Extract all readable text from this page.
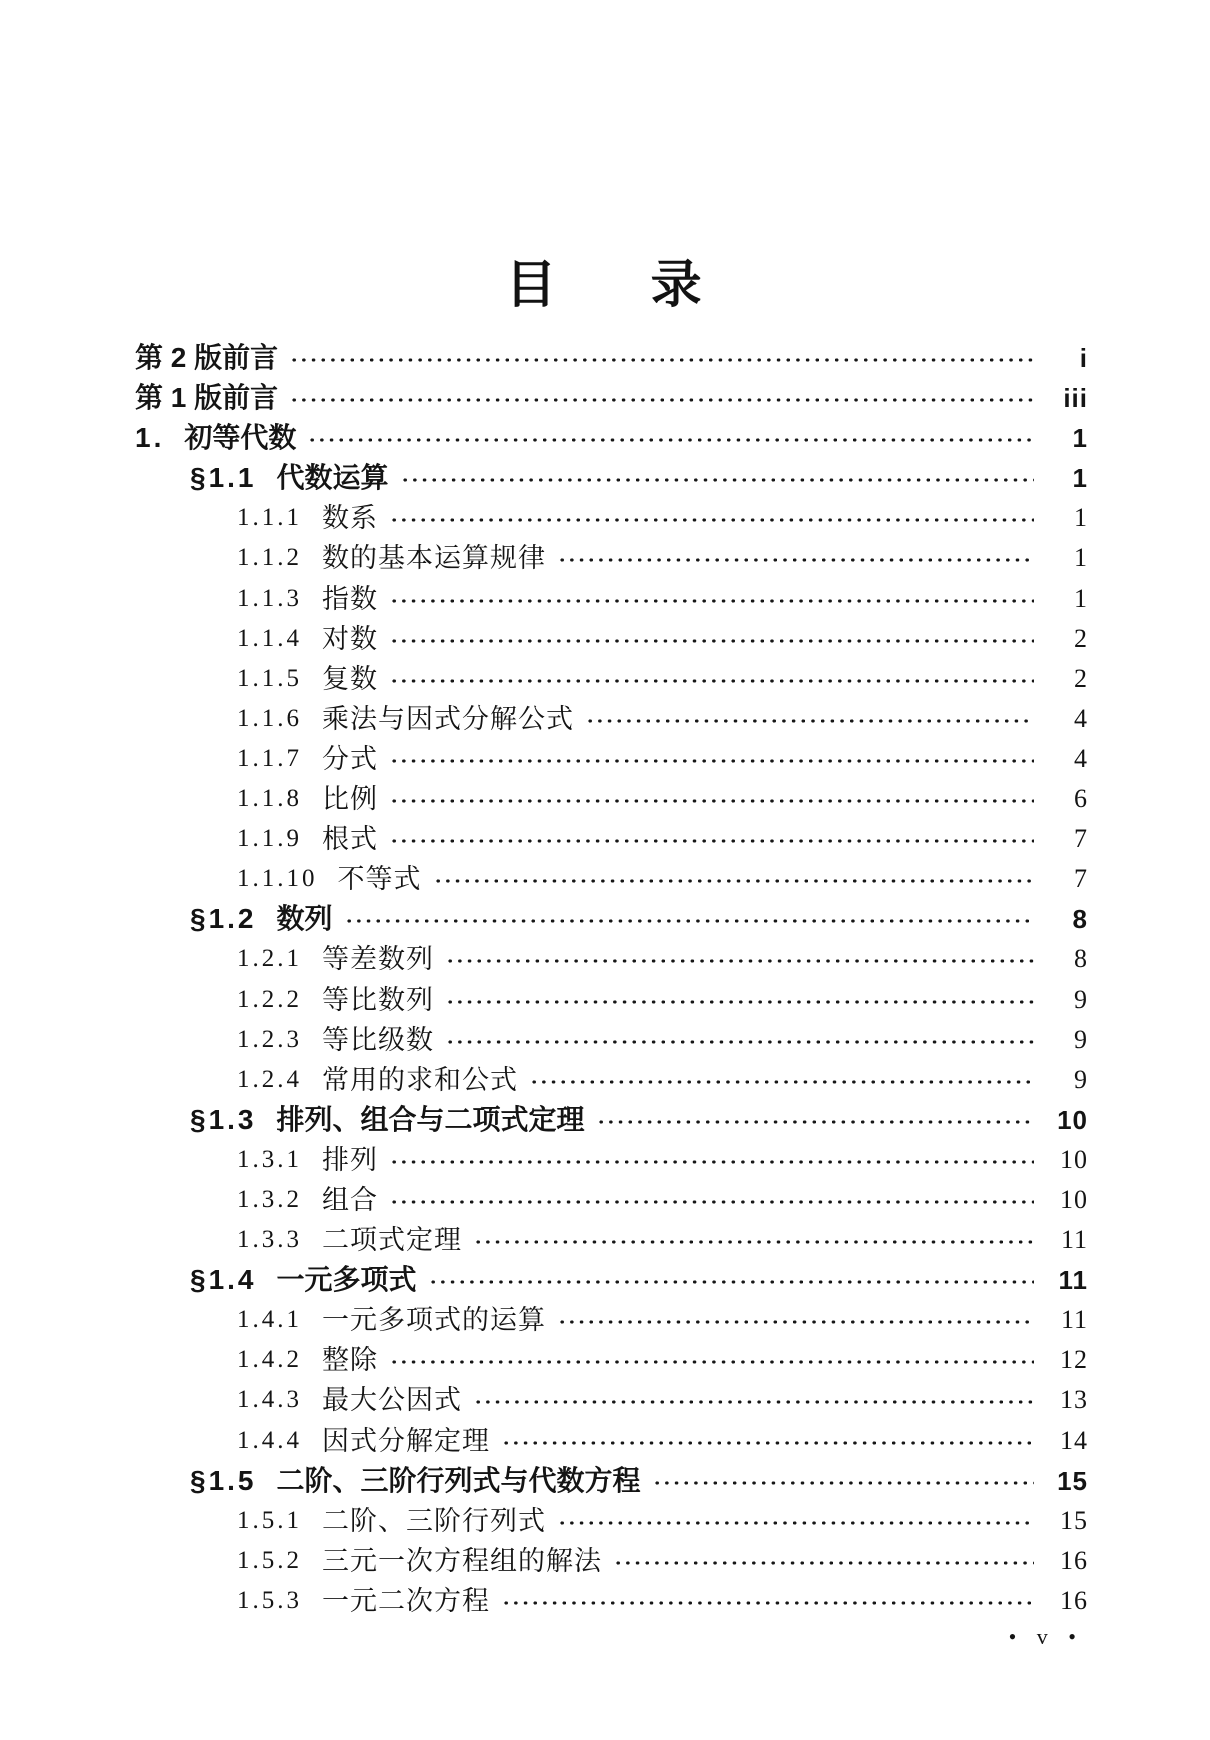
目 录
第 2 版前言	i
第 1 版前言	iii
1. 初等代数	1
§1.1 代数运算	1
1.1.1 数系	1
1.1.2 数的基本运算规律	1
1.1.3 指数	1
1.1.4 对数	2
1.1.5 复数	2
1.1.6 乘法与因式分解公式	4
1.1.7 分式	4
1.1.8 比例	6
1.1.9 根式	7
1.1.10 不等式	7
§1.2 数列	8
1.2.1 等差数列	8
1.2.2 等比数列	9
1.2.3 等比级数	9
1.2.4 常用的求和公式	9
§1.3 排列、组合与二项式定理	10
1.3.1 排列	10
1.3.2 组合	10
1.3.3 二项式定理	11
§1.4 一元多项式	11
1.4.1 一元多项式的运算	11
1.4.2 整除	12
1.4.3 最大公因式	13
1.4.4 因式分解定理	14
§1.5 二阶、三阶行列式与代数方程	15
1.5.1 二阶、三阶行列式	15
1.5.2 三元一次方程组的解法	16
1.5.3 一元二次方程	16
• v •
